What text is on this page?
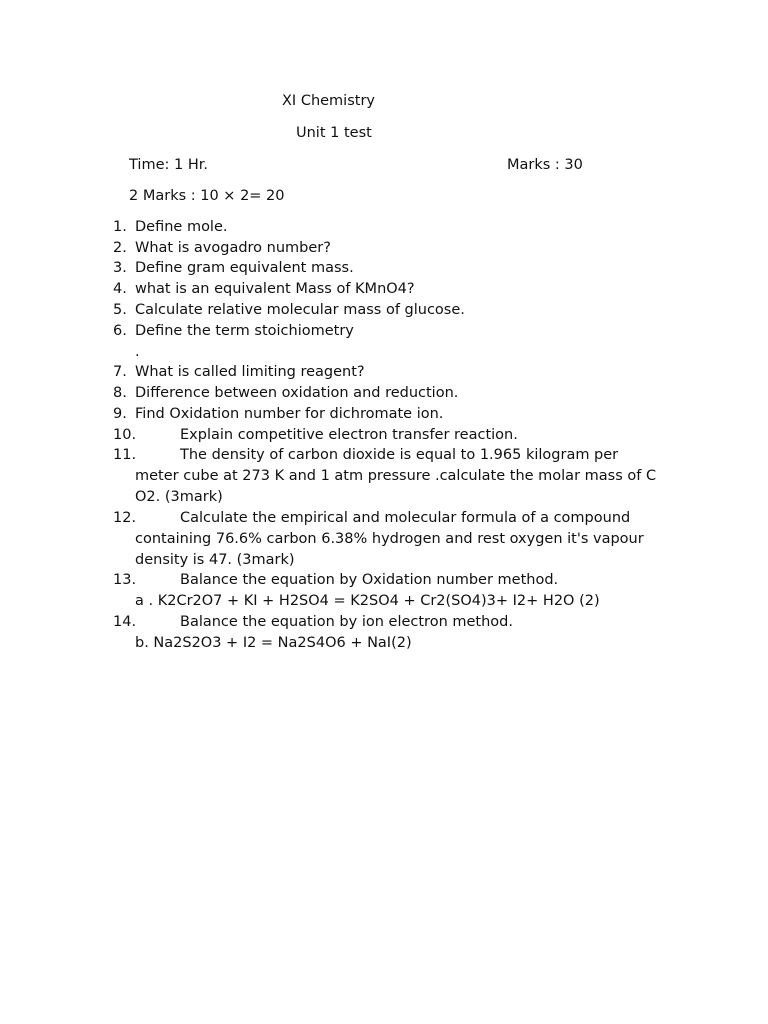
XI Chemistry
Unit 1 test
Time: 1 Hr.	Marks : 30
2 Marks : 10 × 2= 20
1. Define mole.
2. What is avogadro number?
3. Define gram equivalent mass.
4. what is an equivalent Mass of KMnO4?
5. Calculate relative molecular mass of glucose.
6. Define the term stoichiometry
.
7. What is called limiting reagent?
8. Difference between oxidation and reduction.
9. Find Oxidation number for dichromate ion.
10.	Explain competitive electron transfer reaction.
11.	The density of carbon dioxide is equal to 1.965 kilogram per
meter cube at 273 K and 1 atm pressure .calculate the molar mass of C
O2. (3mark)
12.	Calculate the empirical and molecular formula of a compound
containing 76.6% carbon 6.38% hydrogen and rest oxygen it's vapour
density is 47. (3mark)
13.	Balance the equation by Oxidation number method.
a . K2Cr2O7 + KI + H2SO4 = K2SO4 + Cr2(SO4)3+ I2+ H2O (2)
14.	Balance the equation by ion electron method.
b. Na2S2O3 + I2 = Na2S4O6 + NaI(2)
